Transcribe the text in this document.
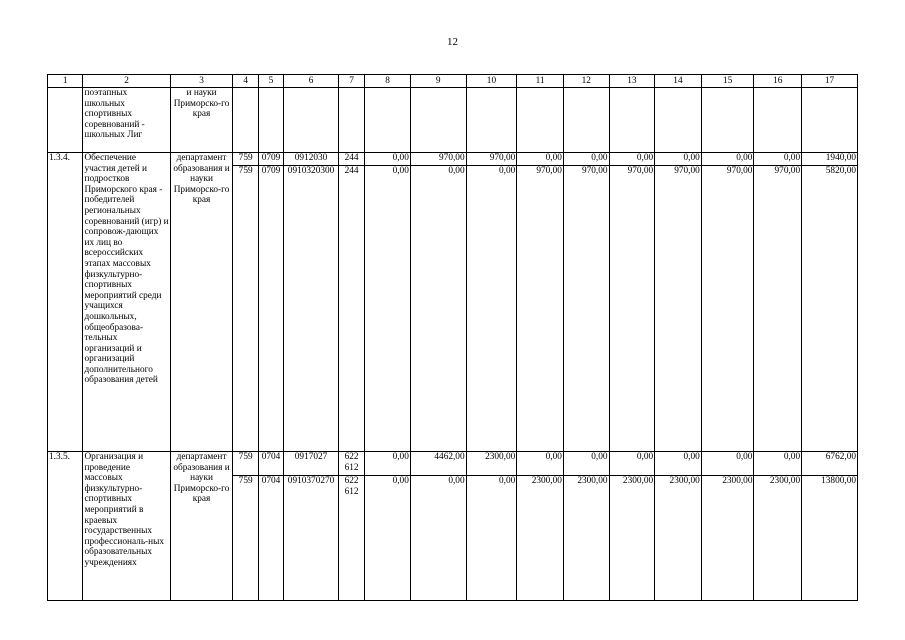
12
1	2	3	4	5	6	7	8	9	10	11	12	13	14	15	16	17
	поэтапных школьных спортивных соревнований - школьных Лиг	и науки Приморско-го края														
1.3.4.	Обеспечение участия детей и подростков Приморского края - победителей региональных соревнований (игр) и сопровож-дающих их лиц во всероссийских этапах массовых физкультурно-спортивных мероприятий среди учащихся дошкольных, общеобразова-тельных организаций и организаций дополнительного образования детей	департамент образования и науки Приморско-го края	759	0709	0912030	244	0,00	970,00	970,00	0,00	0,00	0,00	0,00	0,00	0,00	1940,00
			759	0709	0910320300	244	0,00	0,00	0,00	970,00	970,00	970,00	970,00	970,00	970,00	5820,00
1.3.5.	Организация и проведение массовых физкультурно-спортивных мероприятий в краевых государственных профессиональ-ных образовательных учреждениях	департамент образования и науки Приморско-го края	759	0704	0917027	622 612	0,00	4462,00	2300,00	0,00	0,00	0,00	0,00	0,00	0,00	6762,00
			759	0704	0910370270	622 612	0,00	0,00	0,00	2300,00	2300,00	2300,00	2300,00	2300,00	2300,00	13800,00
